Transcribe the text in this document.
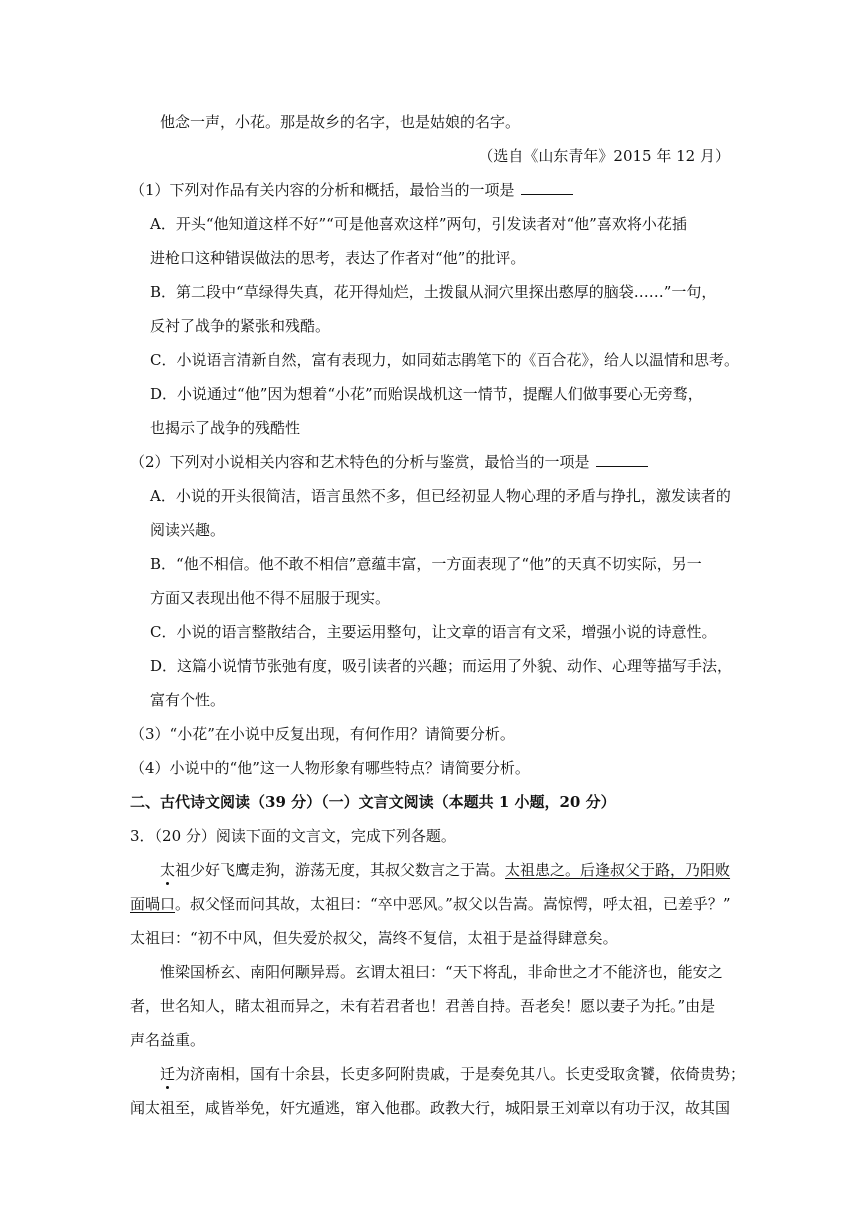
他念一声，小花。那是故乡的名字，也是姑娘的名字。
（选自《山东青年》2015 年 12 月）
（1）下列对作品有关内容的分析和概括，最恰当的一项是
A．开头“他知道这样不好”“可是他喜欢这样”两句，引发读者对“他”喜欢将小花插
进枪口这种错误做法的思考，表达了作者对“他”的批评。
B．第二段中“草绿得失真，花开得灿烂，土拨鼠从洞穴里探出憨厚的脑袋……”一句，
反衬了战争的紧张和残酷。
C．小说语言清新自然，富有表现力，如同茹志鹃笔下的《百合花》，给人以温情和思考。
D．小说通过“他”因为想着“小花”而贻误战机这一情节，提醒人们做事要心无旁骛，
也揭示了战争的残酷性
（2）下列对小说相关内容和艺术特色的分析与鉴赏，最恰当的一项是
A．小说的开头很简洁，语言虽然不多，但已经初显人物心理的矛盾与挣扎，激发读者的
阅读兴趣。
B．“他不相信。他不敢不相信”意蕴丰富，一方面表现了“他”的天真不切实际，另一
方面又表现出他不得不屈服于现实。
C．小说的语言整散结合，主要运用整句，让文章的语言有文采，增强小说的诗意性。
D．这篇小说情节张弛有度，吸引读者的兴趣；而运用了外貌、动作、心理等描写手法，
富有个性。
（3）“小花”在小说中反复出现，有何作用？请简要分析。
（4）小说中的“他”这一人物形象有哪些特点？请简要分析。
二、古代诗文阅读（39 分）（一）文言文阅读（本题共 1 小题，20 分）
3．（20 分）阅读下面的文言文，完成下列各题。
太祖少好飞鹰走狗，游荡无度，其叔父数言之于嵩。太祖患之。后逢叔父于路，乃阳败
面喎口。叔父怪而问其故，太祖曰：“卒中恶风。”叔父以告嵩。嵩惊愕，呼太祖，已差乎？”
太祖曰：“初不中风，但失爱於叔父，嵩终不复信，太祖于是益得肆意矣。
惟梁国桥玄、南阳何颙异焉。玄谓太祖曰：“天下将乱，非命世之才不能济也，能安之
者，世名知人，睹太祖而异之，未有若君者也！君善自持。吾老矣！愿以妻子为托。”由是
声名益重。
迁为济南相，国有十余县，长吏多阿附贵戚，于是奏免其八。长吏受取贪饕，依倚贵势；
闻太祖至，咸皆举免，奸宄遁逃，窜入他郡。政教大行，城阳景王刘章以有功于汉，故其国
